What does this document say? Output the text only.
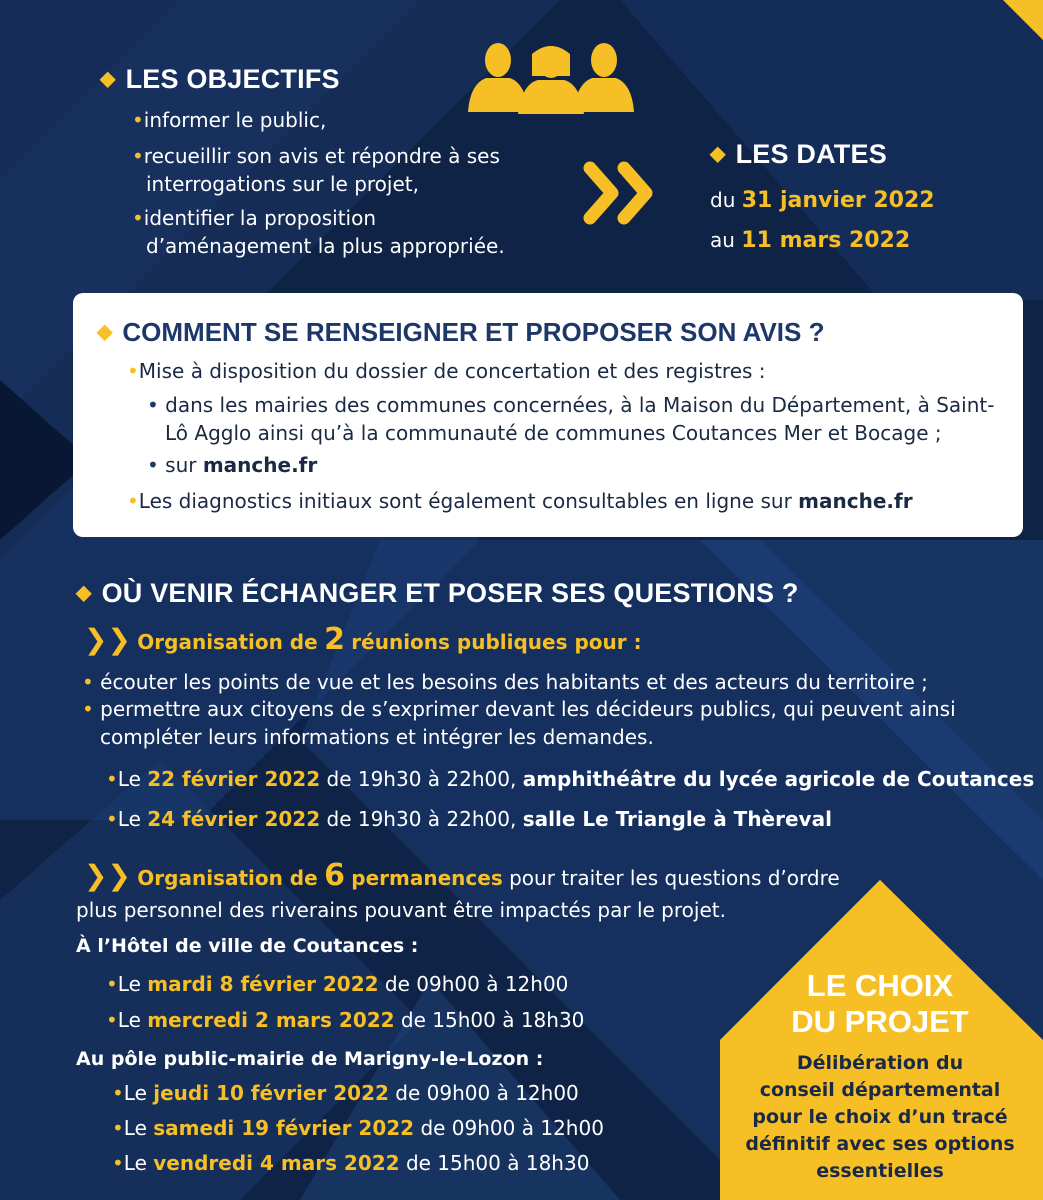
◆ LES OBJECTIFS
•informer le public,
•recueillir son avis et répondre à ses
interrogations sur le projet,
•identifier la proposition
d’aménagement la plus appropriée.
◆ LES DATES
du 31 janvier 2022
au 11 mars 2022
◆ COMMENT SE RENSEIGNER ET PROPOSER SON AVIS ?
•Mise à disposition du dossier de concertation et des registres :
• dans les mairies des communes concernées, à la Maison du Département, à Saint-
Lô Agglo ainsi qu’à la communauté de communes Coutances Mer et Bocage ;
• sur manche.fr
•Les diagnostics initiaux sont également consultables en ligne sur manche.fr
◆ OÙ VENIR ÉCHANGER ET POSER SES QUESTIONS ?
❯❯ Organisation de 2 réunions publiques pour :
• écouter les points de vue et les besoins des habitants et des acteurs du territoire ;
• permettre aux citoyens de s’exprimer devant les décideurs publics, qui peuvent ainsi
compléter leurs informations et intégrer les demandes.
•Le 22 février 2022 de 19h30 à 22h00, amphithéâtre du lycée agricole de Coutances
•Le 24 février 2022 de 19h30 à 22h00, salle Le Triangle à Thèreval
❯❯ Organisation de 6 permanences pour traiter les questions d’ordre
plus personnel des riverains pouvant être impactés par le projet.
À l’Hôtel de ville de Coutances :
•Le mardi 8 février 2022 de 09h00 à 12h00
•Le mercredi 2 mars 2022 de 15h00 à 18h30
Au pôle public-mairie de Marigny-le-Lozon :
•Le jeudi 10 février 2022 de 09h00 à 12h00
•Le samedi 19 février 2022 de 09h00 à 12h00
•Le vendredi 4 mars 2022 de 15h00 à 18h30
LE CHOIX
DU PROJET
Délibération du
conseil départemental
pour le choix d’un tracé
définitif avec ses options
essentielles
